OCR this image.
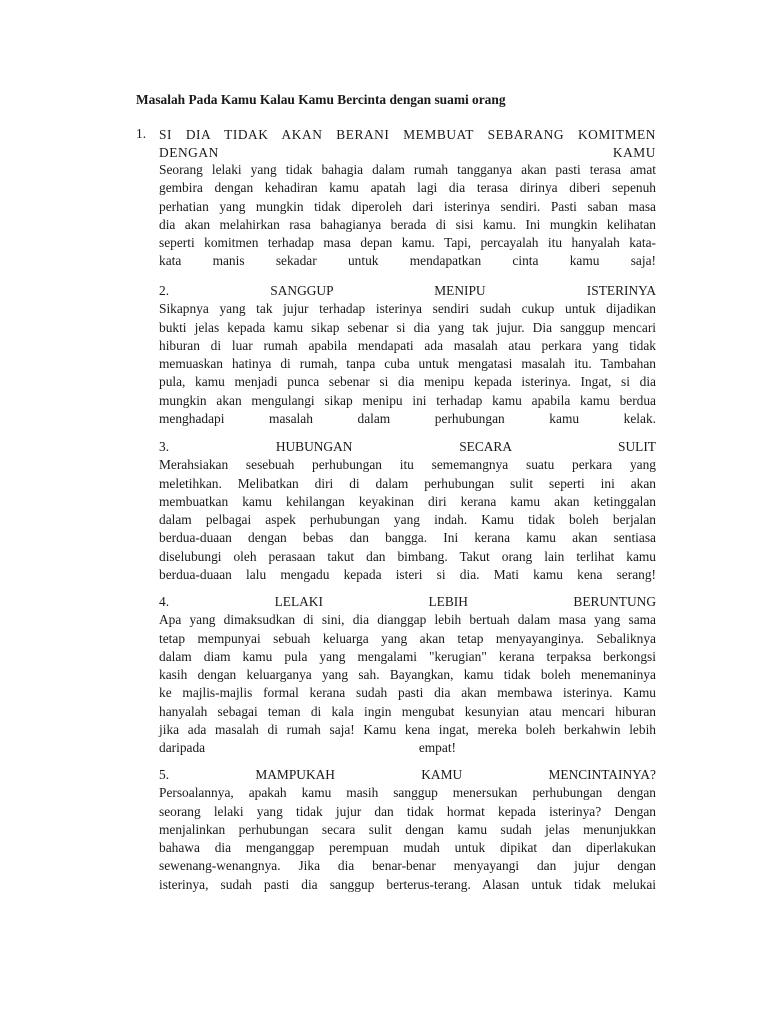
Masalah Pada Kamu Kalau Kamu Bercinta dengan suami orang
1. SI DIA TIDAK AKAN BERANI MEMBUAT SEBARANG KOMITMEN
DENGAN KAMU
Seorang lelaki yang tidak bahagia dalam rumah tangganya akan pasti terasa amat
gembira dengan kehadiran kamu apatah lagi dia terasa dirinya diberi sepenuh
perhatian yang mungkin tidak diperoleh dari isterinya sendiri. Pasti saban masa
dia akan melahirkan rasa bahagianya berada di sisi kamu. Ini mungkin kelihatan
seperti komitmen terhadap masa depan kamu. Tapi, percayalah itu hanyalah kata-
kata manis sekadar untuk mendapatkan cinta kamu saja!
2.	SANGGUP MENIPU ISTERINYA
Sikapnya yang tak jujur terhadap isterinya sendiri sudah cukup untuk dijadikan
bukti jelas kepada kamu sikap sebenar si dia yang tak jujur. Dia sanggup mencari
hiburan di luar rumah apabila mendapati ada masalah atau perkara yang tidak
memuaskan hatinya di rumah, tanpa cuba untuk mengatasi masalah itu. Tambahan
pula, kamu menjadi punca sebenar si dia menipu kepada isterinya. Ingat, si dia
mungkin akan mengulangi sikap menipu ini terhadap kamu apabila kamu berdua
menghadapi masalah dalam perhubungan kamu kelak.
3.	HUBUNGAN SECARA SULIT
Merahsiakan sesebuah perhubungan itu sememangnya suatu perkara yang
meletihkan. Melibatkan diri di dalam perhubungan sulit seperti ini akan
membuatkan kamu kehilangan keyakinan diri kerana kamu akan ketinggalan
dalam pelbagai aspek perhubungan yang indah. Kamu tidak boleh berjalan
berdua-duaan dengan bebas dan bangga. Ini kerana kamu akan sentiasa
diselubungi oleh perasaan takut dan bimbang. Takut orang lain terlihat kamu
berdua-duaan lalu mengadu kepada isteri si dia. Mati kamu kena serang!
4.	LELAKI LEBIH BERUNTUNG
Apa yang dimaksudkan di sini, dia dianggap lebih bertuah dalam masa yang sama
tetap mempunyai sebuah keluarga yang akan tetap menyayanginya. Sebaliknya
dalam diam kamu pula yang mengalami "kerugian" kerana terpaksa berkongsi
kasih dengan keluarganya yang sah. Bayangkan, kamu tidak boleh menemaninya
ke majlis-majlis formal kerana sudah pasti dia akan membawa isterinya. Kamu
hanyalah sebagai teman di kala ingin mengubat kesunyian atau mencari hiburan
jika ada masalah di rumah saja! Kamu kena ingat, mereka boleh berkahwin lebih
daripada empat!
5.	MAMPUKAH KAMU MENCINTAINYA?
Persoalannya, apakah kamu masih sanggup menersukan perhubungan dengan
seorang lelaki yang tidak jujur dan tidak hormat kepada isterinya? Dengan
menjalinkan perhubungan secara sulit dengan kamu sudah jelas menunjukkan
bahawa dia menganggap perempuan mudah untuk dipikat dan diperlakukan
sewenang-wenangnya. Jika dia benar-benar menyayangi dan jujur dengan
isterinya, sudah pasti dia sanggup berterus-terang. Alasan untuk tidak melukai
